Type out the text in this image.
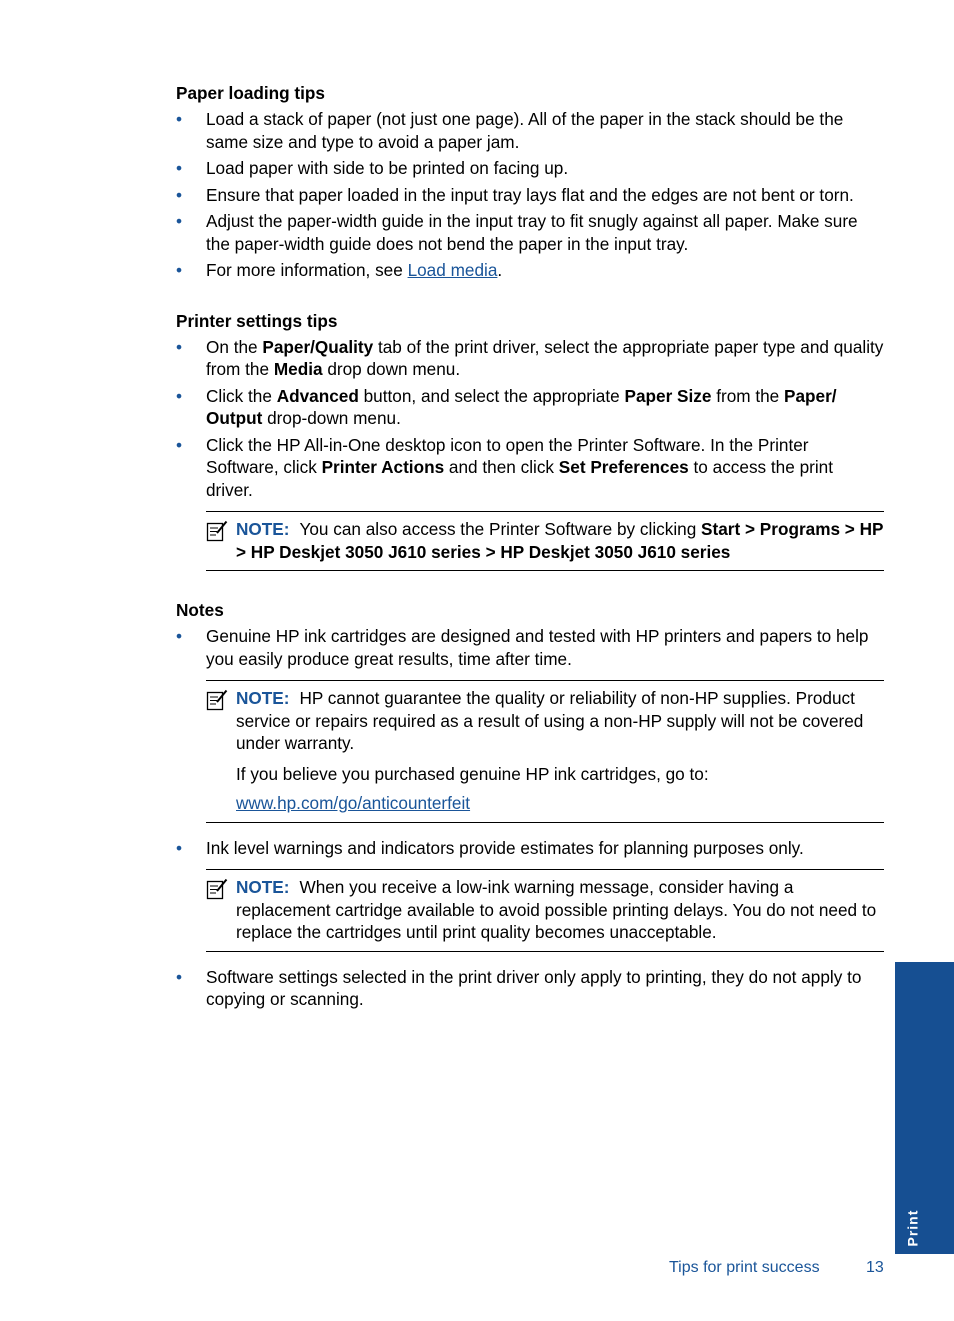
Paper loading tips
• Load a stack of paper (not just one page). All of the paper in the stack should be the same size and type to avoid a paper jam.
• Load paper with side to be printed on facing up.
• Ensure that paper loaded in the input tray lays flat and the edges are not bent or torn.
• Adjust the paper-width guide in the input tray to fit snugly against all paper. Make sure the paper-width guide does not bend the paper in the input tray.
• For more information, see Load media.
Printer settings tips
• On the Paper/Quality tab of the print driver, select the appropriate paper type and quality from the Media drop down menu.
• Click the Advanced button, and select the appropriate Paper Size from the Paper/ Output drop-down menu.
• Click the HP All-in-One desktop icon to open the Printer Software. In the Printer Software, click Printer Actions and then click Set Preferences to access the print driver.

NOTE: You can also access the Printer Software by clicking Start > Programs > HP > HP Deskjet 3050 J610 series > HP Deskjet 3050 J610 series

Notes
• Genuine HP ink cartridges are designed and tested with HP printers and papers to help you easily produce great results, time after time.

NOTE: HP cannot guarantee the quality or reliability of non-HP supplies. Product service or repairs required as a result of using a non-HP supply will not be covered under warranty.

If you believe you purchased genuine HP ink cartridges, go to:

www.hp.com/go/anticounterfeit

• Ink level warnings and indicators provide estimates for planning purposes only.

NOTE: When you receive a low-ink warning message, consider having a replacement cartridge available to avoid possible printing delays. You do not need to replace the cartridges until print quality becomes unacceptable.

• Software settings selected in the print driver only apply to printing, they do not apply to copying or scanning.
Print
Tips for print success	13
